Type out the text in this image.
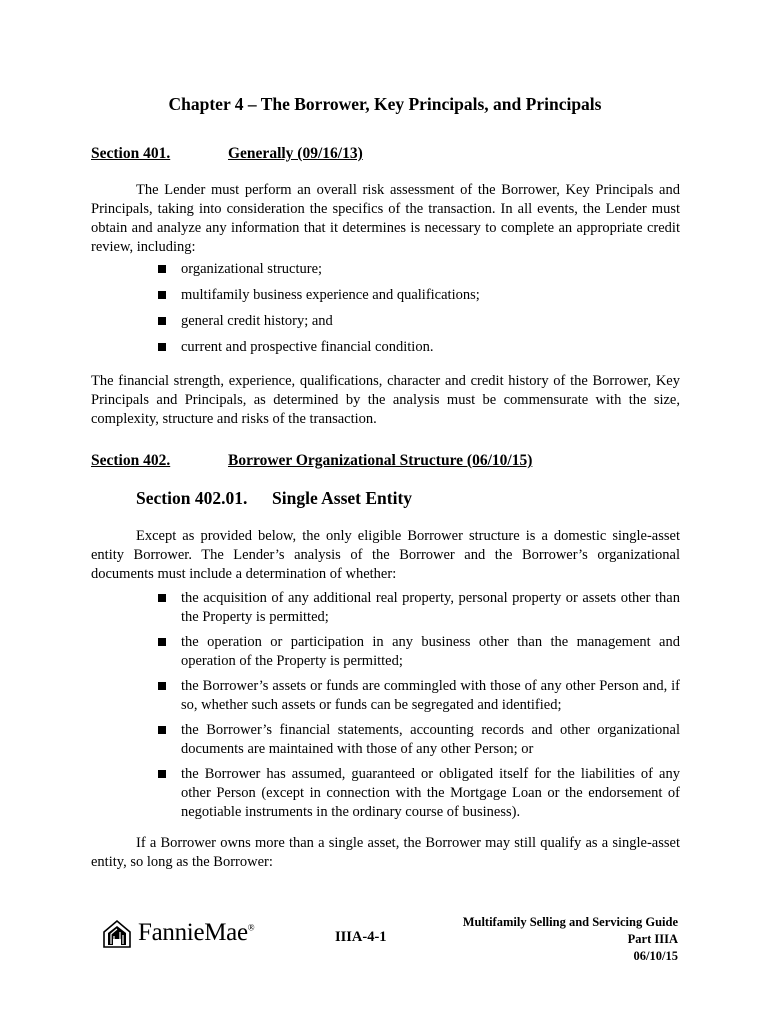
Chapter 4 – The Borrower, Key Principals, and Principals
Section 401.	Generally (09/16/13)

The Lender must perform an overall risk assessment of the Borrower, Key Principals and Principals, taking into consideration the specifics of the transaction. In all events, the Lender must obtain and analyze any information that it determines is necessary to complete an appropriate credit review, including:

organizational structure;
multifamily business experience and qualifications;
general credit history; and
current and prospective financial condition.

The financial strength, experience, qualifications, character and credit history of the Borrower, Key Principals and Principals, as determined by the analysis must be commensurate with the size, complexity, structure and risks of the transaction.

Section 402.	Borrower Organizational Structure (06/10/15)
Section 402.01. Single Asset Entity

Except as provided below, the only eligible Borrower structure is a domestic single-asset entity Borrower. The Lender’s analysis of the Borrower and the Borrower’s organizational documents must include a determination of whether:

the acquisition of any additional real property, personal property or assets other than the Property is permitted;
the operation or participation in any business other than the management and operation of the Property is permitted;
the Borrower’s assets or funds are commingled with those of any other Person and, if so, whether such assets or funds can be segregated and identified;
the Borrower’s financial statements, accounting records and other organizational documents are maintained with those of any other Person; or
the Borrower has assumed, guaranteed or obligated itself for the liabilities of any other Person (except in connection with the Mortgage Loan or the endorsement of negotiable instruments in the ordinary course of business).

If a Borrower owns more than a single asset, the Borrower may still qualify as a single-asset entity, so long as the Borrower:

FannieMae®
IIIA-4-1
Multifamily Selling and Servicing Guide
Part IIIA
06/10/15
